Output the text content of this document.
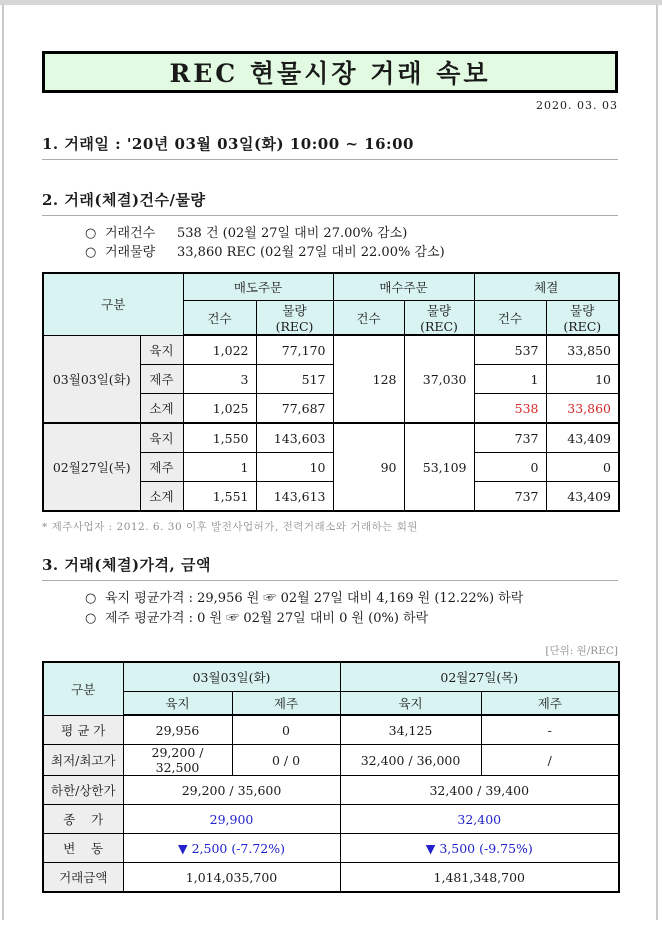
REC 현물시장 거래 속보
2020. 03. 03
1. 거래일 : '20년 03월 03일(화) 10:00 ~ 16:00
2. 거래(체결)건수/물량
○ 거래건수	538 건 (02월 27일 대비 27.00% 감소)
○ 거래물량	33,860 REC (02월 27일 대비 22.00% 감소)
구분		매도주문		매수주문		체결	
		건수	물량 (REC)	건수	물량 (REC)	건수	물량 (REC)
03월03일(화)	육지	1,022	77,170	128	37,030	537	33,850
	제주	3	517			1	10
	소계	1,025	77,687			538	33,860
02월27일(목)	육지	1,550	143,603	90	53,109	737	43,409
	제주	1	10			0	0
	소계	1,551	143,613			737	43,409
* 제주사업자 : 2012. 6. 30 이후 발전사업허가, 전력거래소와 거래하는 회원
3. 거래(체결)가격, 금액
○ 육지 평균가격 : 29,956 원 ☞ 02월 27일 대비 4,169 원 (12.22%) 하락
○ 제주 평균가격 : 0 원 ☞ 02월 27일 대비 0 원 (0%) 하락
[단위: 원/REC]
구분	03월03일(화)		02월27일(목)	
	육지	제주	육지	제주
평 균 가	29,956	0	34,125	-
최저/최고가	29,200 / 32,500	0 / 0	32,400 / 36,000	/
하한/상한가	29,200 / 35,600		32,400 / 39,400	
종    가	29,900		32,400	
변    동	▼ 2,500 (-7.72%)		▼ 3,500 (-9.75%)	
거래금액	1,014,035,700		1,481,348,700	
